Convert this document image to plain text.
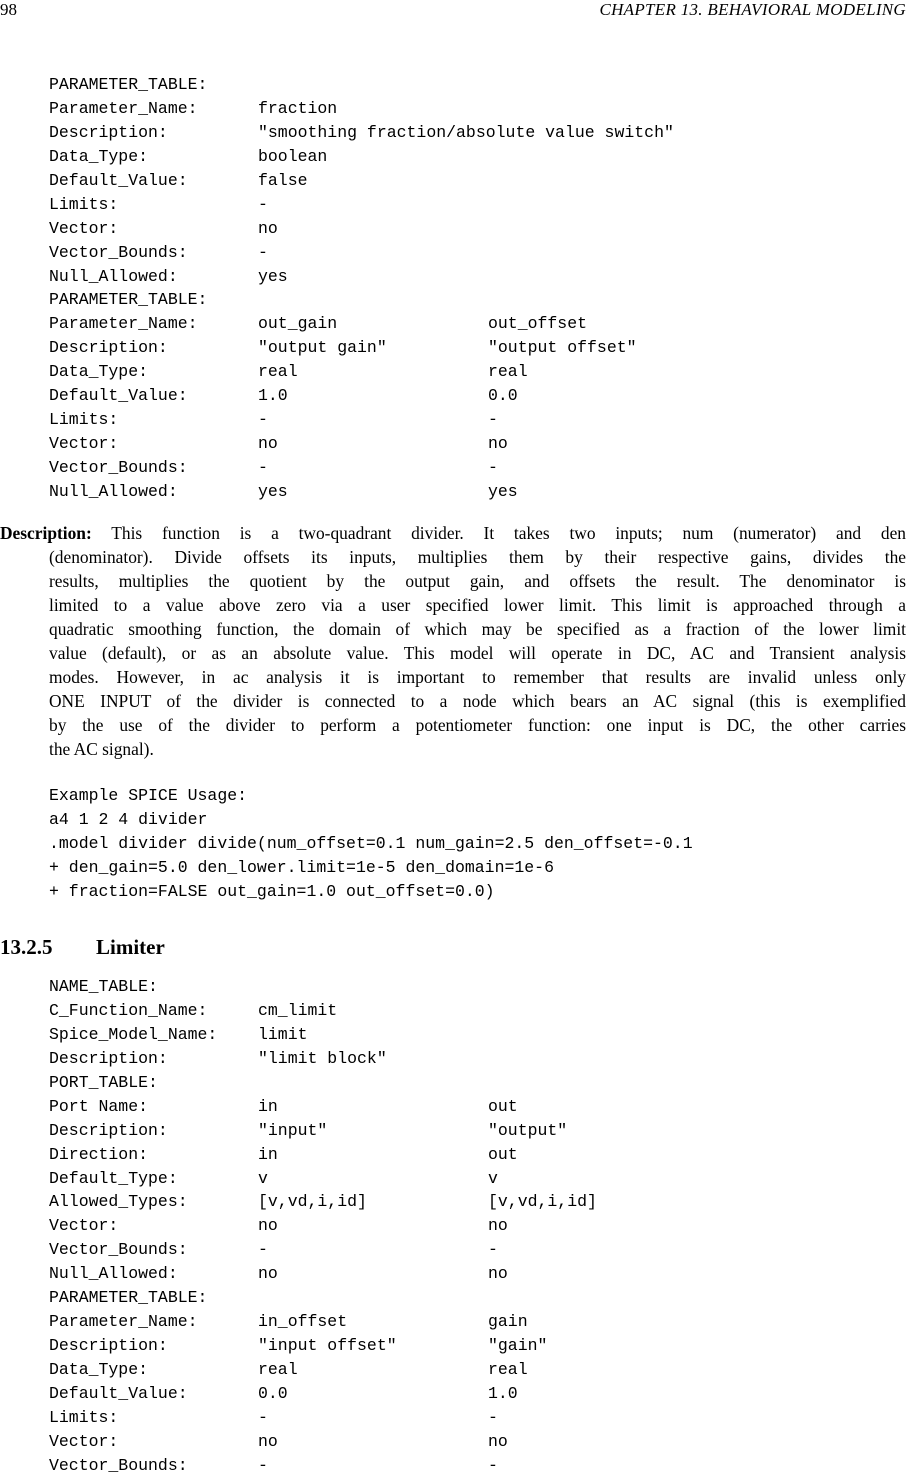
98	CHAPTER 13. BEHAVIORAL MODELING
PARAMETER_TABLE:
Parameter_Name:	fraction
Description:	"smoothing fraction/absolute value switch"
Data_Type:	boolean
Default_Value:	false
Limits:	-
Vector:	no
Vector_Bounds:	-
Null_Allowed:	yes
PARAMETER_TABLE:
Parameter_Name:	out_gain	out_offset
Description:	"output gain"	"output offset"
Data_Type:	real	real
Default_Value:	1.0	0.0
Limits:	-	-
Vector:	no	no
Vector_Bounds:	-	-
Null_Allowed:	yes	yes
Description: This function is a two-quadrant divider. It takes two inputs; num (numerator) and den
(denominator). Divide offsets its inputs, multiplies them by their respective gains, divides the
results, multiplies the quotient by the output gain, and offsets the result. The denominator is
limited to a value above zero via a user specified lower limit. This limit is approached through a
quadratic smoothing function, the domain of which may be specified as a fraction of the lower limit
value (default), or as an absolute value. This model will operate in DC, AC and Transient analysis
modes. However, in ac analysis it is important to remember that results are invalid unless only
ONE INPUT of the divider is connected to a node which bears an AC signal (this is exemplified
by the use of the divider to perform a potentiometer function: one input is DC, the other carries
the AC signal).
Example SPICE Usage:
a4 1 2 4 divider
.model divider divide(num_offset=0.1 num_gain=2.5 den_offset=-0.1
+ den_gain=5.0 den_lower.limit=1e-5 den_domain=1e-6
+ fraction=FALSE out_gain=1.0 out_offset=0.0)
13.2.5 Limiter
NAME_TABLE:
C_Function_Name:	cm_limit
Spice_Model_Name: limit
Description:	"limit block"
PORT_TABLE:
Port Name:	in	out
Description:	"input"	"output"
Direction:	in	out
Default_Type:	v	v
Allowed_Types:	[v,vd,i,id]	[v,vd,i,id]
Vector:	no	no
Vector_Bounds:	-	-
Null_Allowed:	no	no
PARAMETER_TABLE:
Parameter_Name:	in_offset	gain
Description:	"input offset"	"gain"
Data_Type:	real	real
Default_Value:	0.0	1.0
Limits:	-	-
Vector:	no	no
Vector_Bounds:	-	-
